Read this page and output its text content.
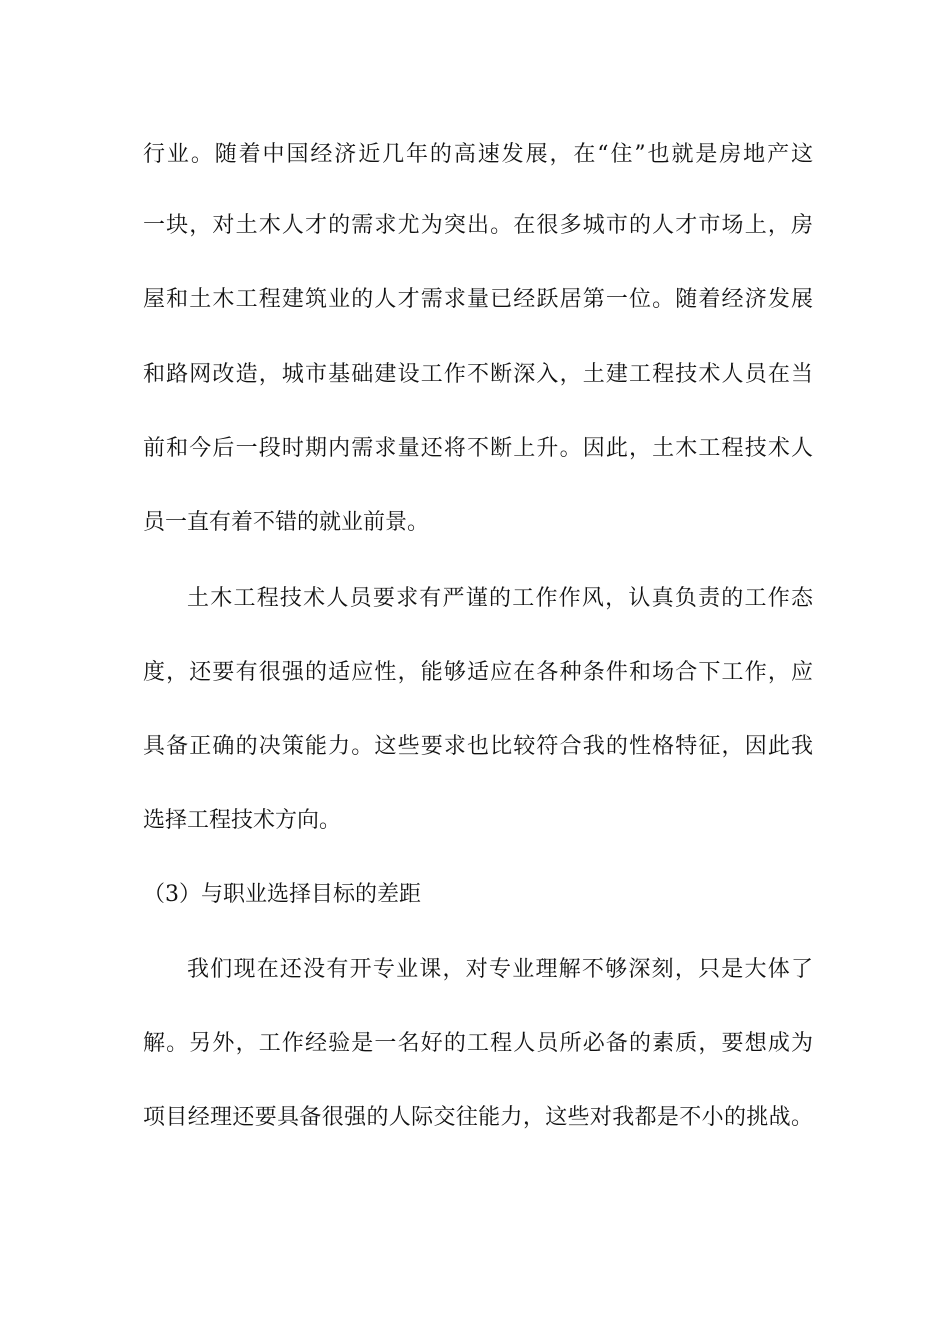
行业。随着中国经济近几年的高速发展，在“住”也就是房地产这
一块，对土木人才的需求尤为突出。在很多城市的人才市场上，房
屋和土木工程建筑业的人才需求量已经跃居第一位。随着经济发展
和路网改造，城市基础建设工作不断深入，土建工程技术人员在当
前和今后一段时期内需求量还将不断上升。因此，土木工程技术人
员一直有着不错的就业前景。
土木工程技术人员要求有严谨的工作作风，认真负责的工作态
度，还要有很强的适应性，能够适应在各种条件和场合下工作，应
具备正确的决策能力。这些要求也比较符合我的性格特征，因此我
选择工程技术方向。
（3）与职业选择目标的差距
我们现在还没有开专业课，对专业理解不够深刻，只是大体了
解。另外，工作经验是一名好的工程人员所必备的素质，要想成为
项目经理还要具备很强的人际交往能力，这些对我都是不小的挑战。
